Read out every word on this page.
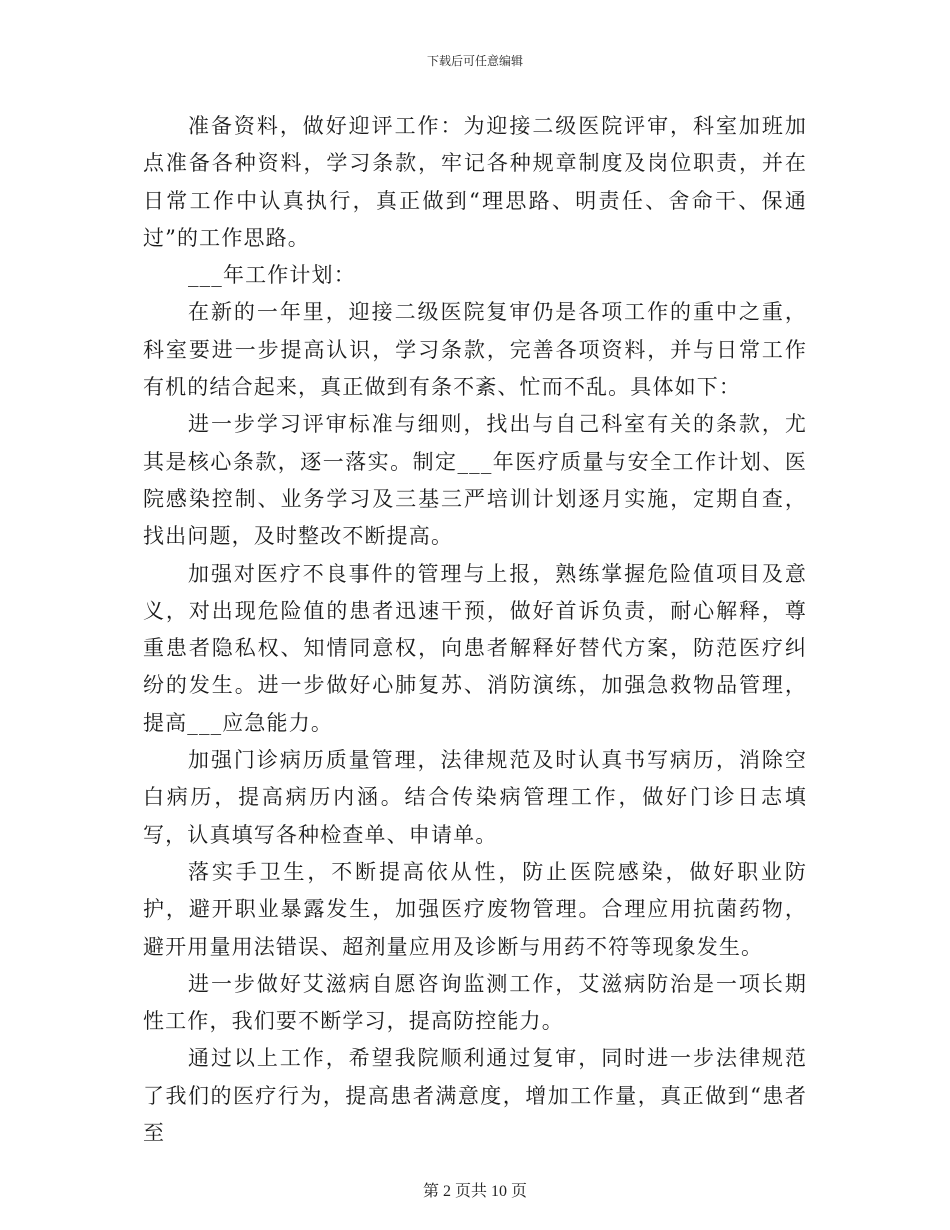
下载后可任意编辑

准备资料，做好迎评工作：为迎接二级医院评审，科室加班加点准备各种资料，学习条款，牢记各种规章制度及岗位职责，并在日常工作中认真执行，真正做到“理思路、明责任、舍命干、保通过”的工作思路。

___年工作计划：

在新的一年里，迎接二级医院复审仍是各项工作的重中之重，科室要进一步提高认识，学习条款，完善各项资料，并与日常工作有机的结合起来，真正做到有条不紊、忙而不乱。具体如下：

进一步学习评审标准与细则，找出与自己科室有关的条款，尤其是核心条款，逐一落实。制定___年医疗质量与安全工作计划、医院感染控制、业务学习及三基三严培训计划逐月实施，定期自查，找出问题，及时整改不断提高。

加强对医疗不良事件的管理与上报，熟练掌握危险值项目及意义，对出现危险值的患者迅速干预，做好首诉负责，耐心解释，尊重患者隐私权、知情同意权，向患者解释好替代方案，防范医疗纠纷的发生。进一步做好心肺复苏、消防演练，加强急救物品管理，提高___应急能力。

加强门诊病历质量管理，法律规范及时认真书写病历，消除空白病历，提高病历内涵。结合传染病管理工作，做好门诊日志填写，认真填写各种检查单、申请单。

落实手卫生，不断提高依从性，防止医院感染，做好职业防护，避开职业暴露发生，加强医疗废物管理。合理应用抗菌药物，避开用量用法错误、超剂量应用及诊断与用药不符等现象发生。

进一步做好艾滋病自愿咨询监测工作，艾滋病防治是一项长期性工作，我们要不断学习，提高防控能力。

通过以上工作，希望我院顺利通过复审，同时进一步法律规范了我们的医疗行为，提高患者满意度，增加工作量，真正做到“患者至

第 2 页共 10 页
